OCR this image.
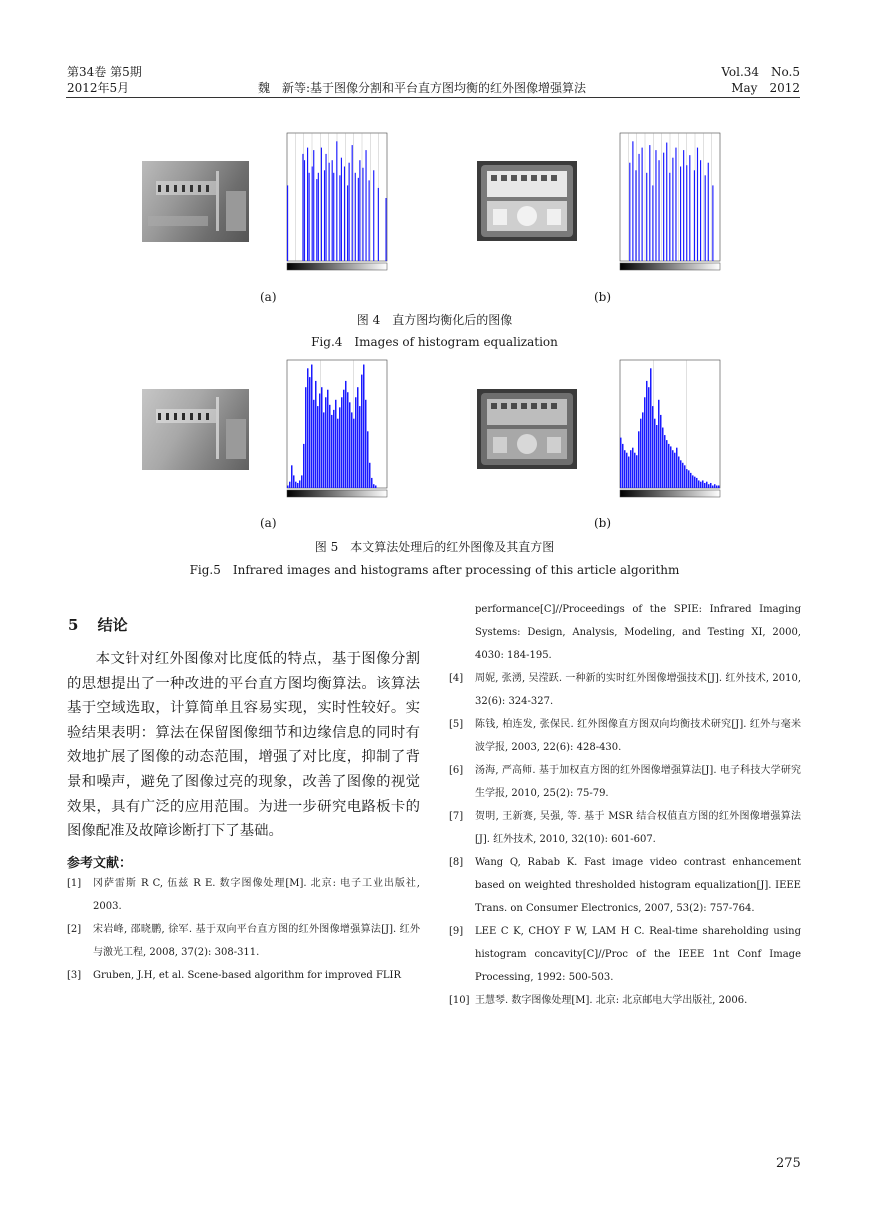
第34卷 第5期
2012年5月	魏　新等:基于图像分割和平台直方图均衡的红外图像增强算法
Vol.34　No.5
May　2012
(a)	(b)
图 4　直方图均衡化后的图像
Fig.4　Images of histogram equalization
(a)	(b)
图 5　本文算法处理后的红外图像及其直方图
Fig.5　Infrared images and histograms after processing of this article algorithm
5 结论
本文针对红外图像对比度低的特点，基于图像分割的思想提出了一种改进的平台直方图均衡算法。该算法基于空域选取，计算简单且容易实现，实时性较好。实验结果表明：算法在保留图像细节和边缘信息的同时有效地扩展了图像的动态范围，增强了对比度，抑制了背景和噪声，避免了图像过亮的现象，改善了图像的视觉效果，具有广泛的应用范围。为进一步研究电路板卡的图像配准及故障诊断打下了基础。
参考文献：
[1]	冈萨雷斯 R C, 伍兹 R E. 数字图像处理[M]. 北京: 电子工业出版社, 2003.
[2]	宋岩峰, 邵晓鹏, 徐军. 基于双向平台直方图的红外图像增强算法[J]. 红外与激光工程, 2008, 37(2): 308-311.
[3]	Gruben, J.H, et al. Scene-based algorithm for improved FLIR
performance[C]//Proceedings of the SPIE: Infrared Imaging Systems: Design, Analysis, Modeling, and Testing XI, 2000, 4030: 184-195.
[4]	周妮, 张湧, 吴滢跃. 一种新的实时红外图像增强技术[J]. 红外技术, 2010, 32(6): 324-327.
[5]	陈钱, 柏连发, 张保民. 红外图像直方图双向均衡技术研究[J]. 红外与毫米波学报, 2003, 22(6): 428-430.
[6]	汤海, 严高师. 基于加权直方图的红外图像增强算法[J]. 电子科技大学研究生学报, 2010, 25(2): 75-79.
[7]	贺明, 王新赛, 吴强, 等. 基于 MSR 结合权值直方图的红外图像增强算法[J]. 红外技术, 2010, 32(10): 601-607.
[8]	Wang Q, Rabab K. Fast image video contrast enhancement based on weighted thresholded histogram equalization[J]. IEEE Trans. on Consumer Electronics, 2007, 53(2): 757-764.
[9]	LEE C K, CHOY F W, LAM H C. Real-time shareholding using histogram concavity[C]//Proc of the IEEE 1nt Conf Image Processing, 1992: 500-503.
[10] 王慧琴. 数字图像处理[M]. 北京: 北京邮电大学出版社, 2006.
275
